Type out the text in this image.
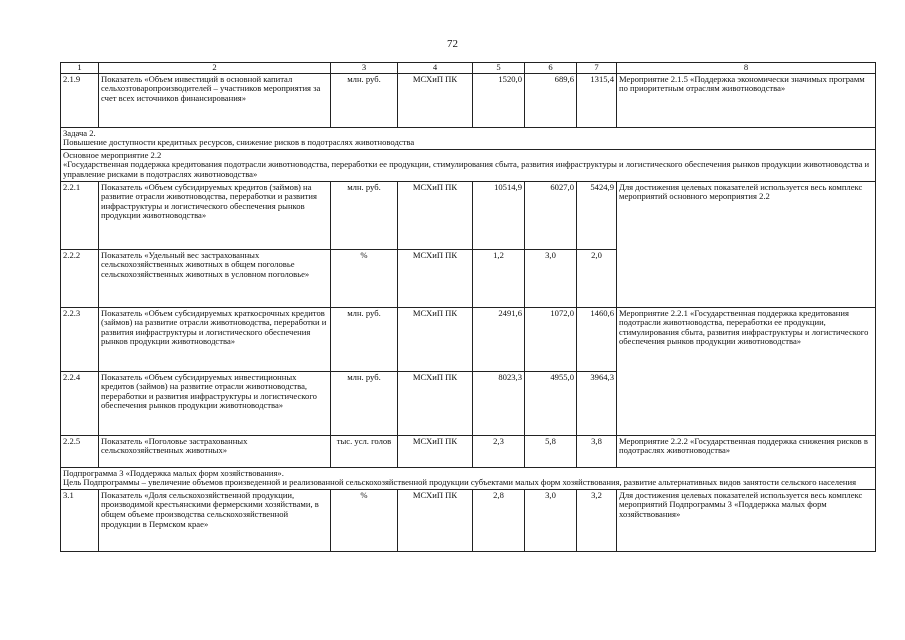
72
1	2	3	4	5	6	7	8
2.1.9	Показатель «Объем инвестиций в основной капитал сельхозтоваропроизводителей – участников мероприятия за счет всех источников финансирования»	млн. руб.	МСХиП ПК	1520,0	689,6	1315,4	Мероприятие 2.1.5 «Поддержка экономически значимых программ по приоритетным отраслям животноводства»

Задача 2.
Повышение доступности кредитных ресурсов, снижение рисков в подотраслях животноводства							

Основное мероприятие 2.2
«Государственная поддержка кредитования подотрасли животноводства, переработки ее продукции, стимулирования сбыта, развития инфраструктуры и логистического обеспечения рынков продукции животноводства и управление рисками в подотраслях животноводства»							

2.2.1	Показатель «Объем субсидируемых кредитов (займов) на развитие отрасли животноводства, переработки и развития инфраструктуры и логистического обеспечения рынков продукции животноводства»	млн. руб.	МСХиП ПК	10514,9	6027,0	5424,9	Для достижения целевых показателей используется весь комплекс мероприятий основного мероприятия 2.2
2.2.2	Показатель «Удельный вес застрахованных сельскохозяйственных животных в общем поголовье сельскохозяйственных животных в условном поголовье»	%	МСХиП ПК	1,2	3,0	2,0	
2.2.3	Показатель «Объем субсидируемых краткосрочных кредитов (займов) на развитие отрасли животноводства, переработки и развития инфраструктуры и логистического обеспечения рынков продукции животноводства»	млн. руб.	МСХиП ПК	2491,6	1072,0	1460,6	Мероприятие 2.2.1 «Государственная поддержка кредитования подотрасли животноводства, переработки ее продукции, стимулирования сбыта, развития инфраструктуры и логистического обеспечения рынков продукции животноводства»
2.2.4	Показатель «Объем субсидируемых инвестиционных кредитов (займов) на развитие отрасли животноводства, переработки и развития инфраструктуры и логистического обеспечения рынков продукции животноводства»	млн. руб.	МСХиП ПК	8023,3	4955,0	3964,3	
2.2.5	Показатель «Поголовье застрахованных сельскохозяйственных животных»	тыс. усл. голов	МСХиП ПК	2,3	5,8	3,8	Мероприятие 2.2.2 «Государственная поддержка снижения рисков в подотраслях животноводства»

Подпрограмма 3 «Поддержка малых форм хозяйствования».
Цель Подпрограммы – увеличение объемов произведенной и реализованной сельскохозяйственной продукции субъектами малых форм хозяйствования, развитие альтернативных видов занятости сельского населения							

3.1	Показатель «Доля сельскохозяйственной продукции, производимой крестьянскими фермерскими хозяйствами, в общем объеме производства сельскохозяйственной продукции в Пермском крае»	%	МСХиП ПК	2,8	3,0	3,2	Для достижения целевых показателей используется весь комплекс мероприятий Подпрограммы 3 «Поддержка малых форм хозяйствования»
